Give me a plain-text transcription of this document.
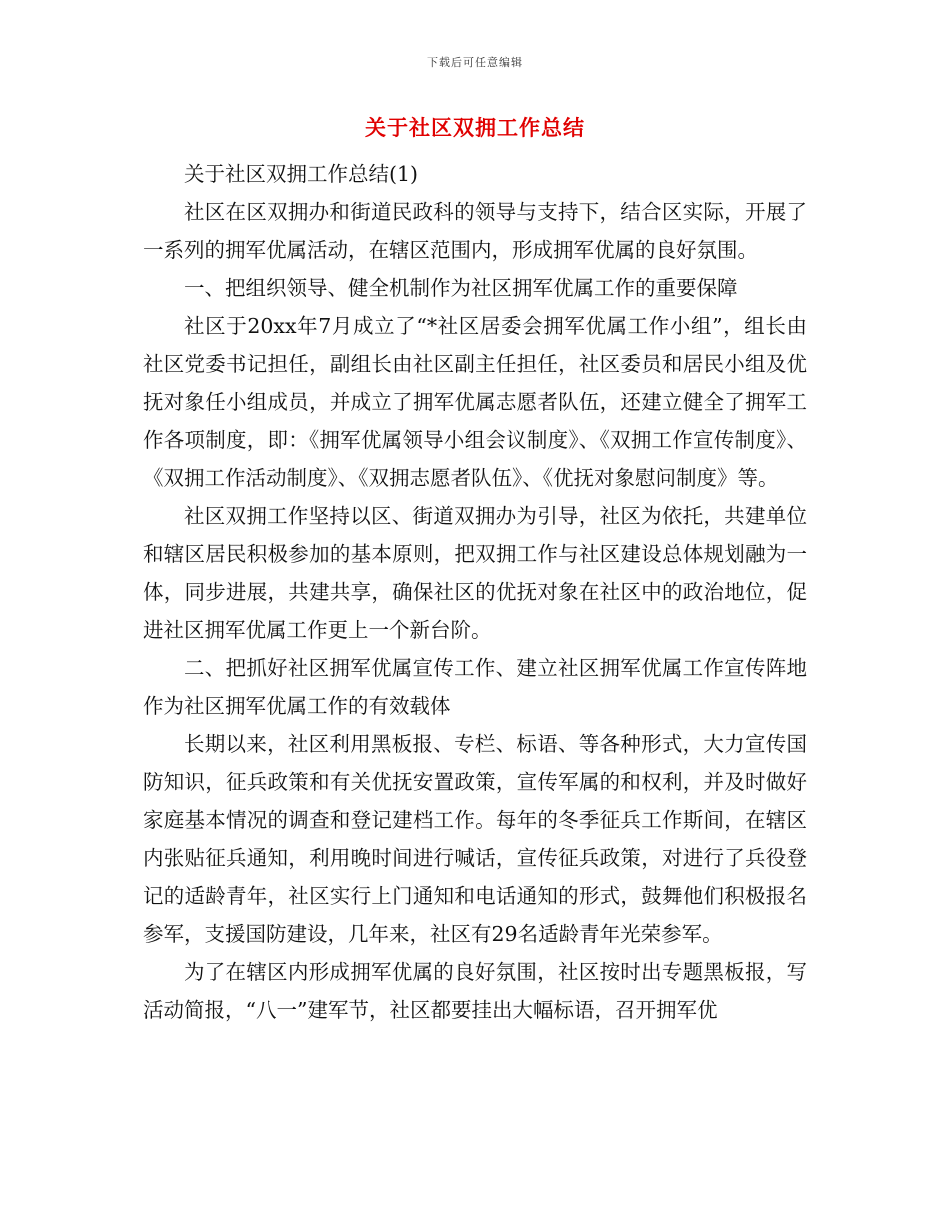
下载后可任意编辑
关于社区双拥工作总结

关于社区双拥工作总结(1)

社区在区双拥办和街道民政科的领导与支持下，结合区实际，开展了一系列的拥军优属活动，在辖区范围内，形成拥军优属的良好氛围。

一、把组织领导、健全机制作为社区拥军优属工作的重要保障

社区于20xx年7月成立了“*社区居委会拥军优属工作小组”，组长由社区党委书记担任，副组长由社区副主任担任，社区委员和居民小组及优抚对象任小组成员，并成立了拥军优属志愿者队伍，还建立健全了拥军工作各项制度，即：《拥军优属领导小组会议制度》、《双拥工作宣传制度》、《双拥工作活动制度》、《双拥志愿者队伍》、《优抚对象慰问制度》等。

社区双拥工作坚持以区、街道双拥办为引导，社区为依托，共建单位和辖区居民积极参加的基本原则，把双拥工作与社区建设总体规划融为一体，同步进展，共建共享，确保社区的优抚对象在社区中的政治地位，促进社区拥军优属工作更上一个新台阶。

二、把抓好社区拥军优属宣传工作、建立社区拥军优属工作宣传阵地作为社区拥军优属工作的有效载体

长期以来，社区利用黑板报、专栏、标语、等各种形式，大力宣传国防知识，征兵政策和有关优抚安置政策，宣传军属的和权利，并及时做好家庭基本情况的调查和登记建档工作。每年的冬季征兵工作斯间，在辖区内张贴征兵通知，利用晚时间进行喊话，宣传征兵政策，对进行了兵役登记的适龄青年，社区实行上门通知和电话通知的形式，鼓舞他们积极报名参军，支援国防建设，几年来，社区有29名适龄青年光荣参军。

为了在辖区内形成拥军优属的良好氛围，社区按时出专题黑板报，写活动简报，“八一”建军节，社区都要挂出大幅标语，召开拥军优
